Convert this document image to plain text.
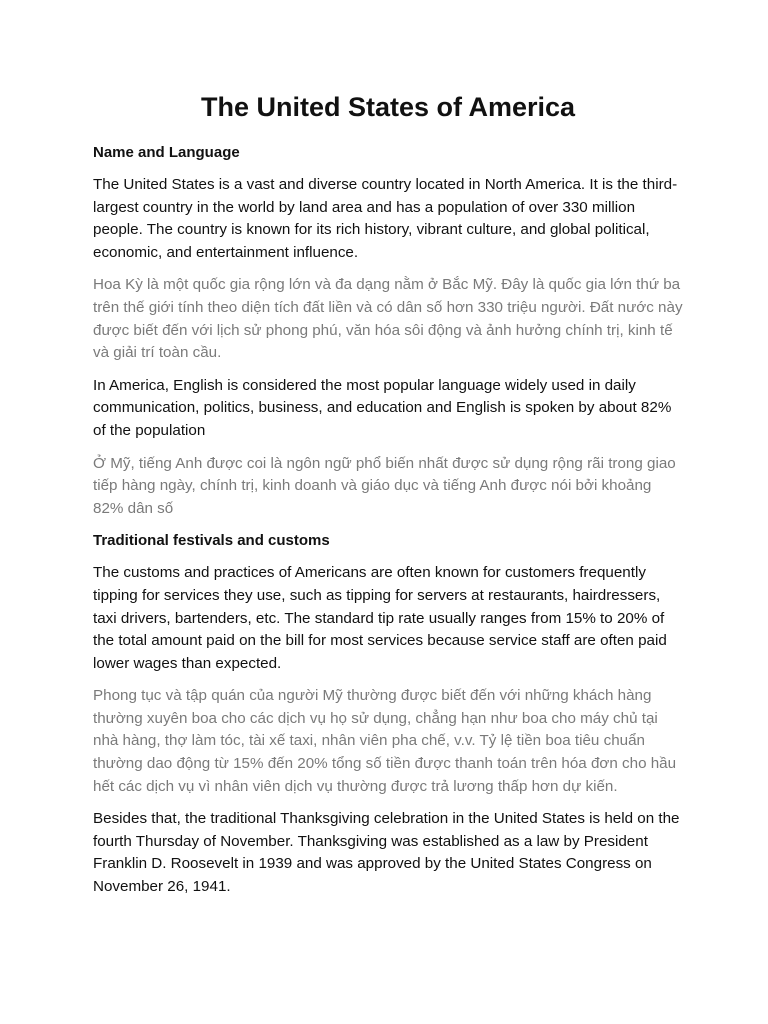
The United States of America
Name and Language

The United States is a vast and diverse country located in North America. It is the third-largest country in the world by land area and has a population of over 330 million people. The country is known for its rich history, vibrant culture, and global political, economic, and entertainment influence.

Hoa Kỳ là một quốc gia rộng lớn và đa dạng nằm ở Bắc Mỹ. Đây là quốc gia lớn thứ ba trên thế giới tính theo diện tích đất liền và có dân số hơn 330 triệu người. Đất nước này được biết đến với lịch sử phong phú, văn hóa sôi động và ảnh hưởng chính trị, kinh tế và giải trí toàn cầu.

In America, English is considered the most popular language widely used in daily communication, politics, business, and education and English is spoken by about 82% of the population

Ở Mỹ, tiếng Anh được coi là ngôn ngữ phổ biến nhất được sử dụng rộng rãi trong giao tiếp hàng ngày, chính trị, kinh doanh và giáo dục và tiếng Anh được nói bởi khoảng 82% dân số

Traditional festivals and customs

The customs and practices of Americans are often known for customers frequently tipping for services they use, such as tipping for servers at restaurants, hairdressers, taxi drivers, bartenders, etc. The standard tip rate usually ranges from 15% to 20% of the total amount paid on the bill for most services because service staff are often paid lower wages than expected.

Phong tục và tập quán của người Mỹ thường được biết đến với những khách hàng thường xuyên boa cho các dịch vụ họ sử dụng, chẳng hạn như boa cho máy chủ tại nhà hàng, thợ làm tóc, tài xế taxi, nhân viên pha chế, v.v. Tỷ lệ tiền boa tiêu chuẩn thường dao động từ 15% đến 20% tổng số tiền được thanh toán trên hóa đơn cho hầu hết các dịch vụ vì nhân viên dịch vụ thường được trả lương thấp hơn dự kiến.

Besides that, the traditional Thanksgiving celebration in the United States is held on the fourth Thursday of November. Thanksgiving was established as a law by President Franklin D. Roosevelt in 1939 and was approved by the United States Congress on November 26, 1941.
